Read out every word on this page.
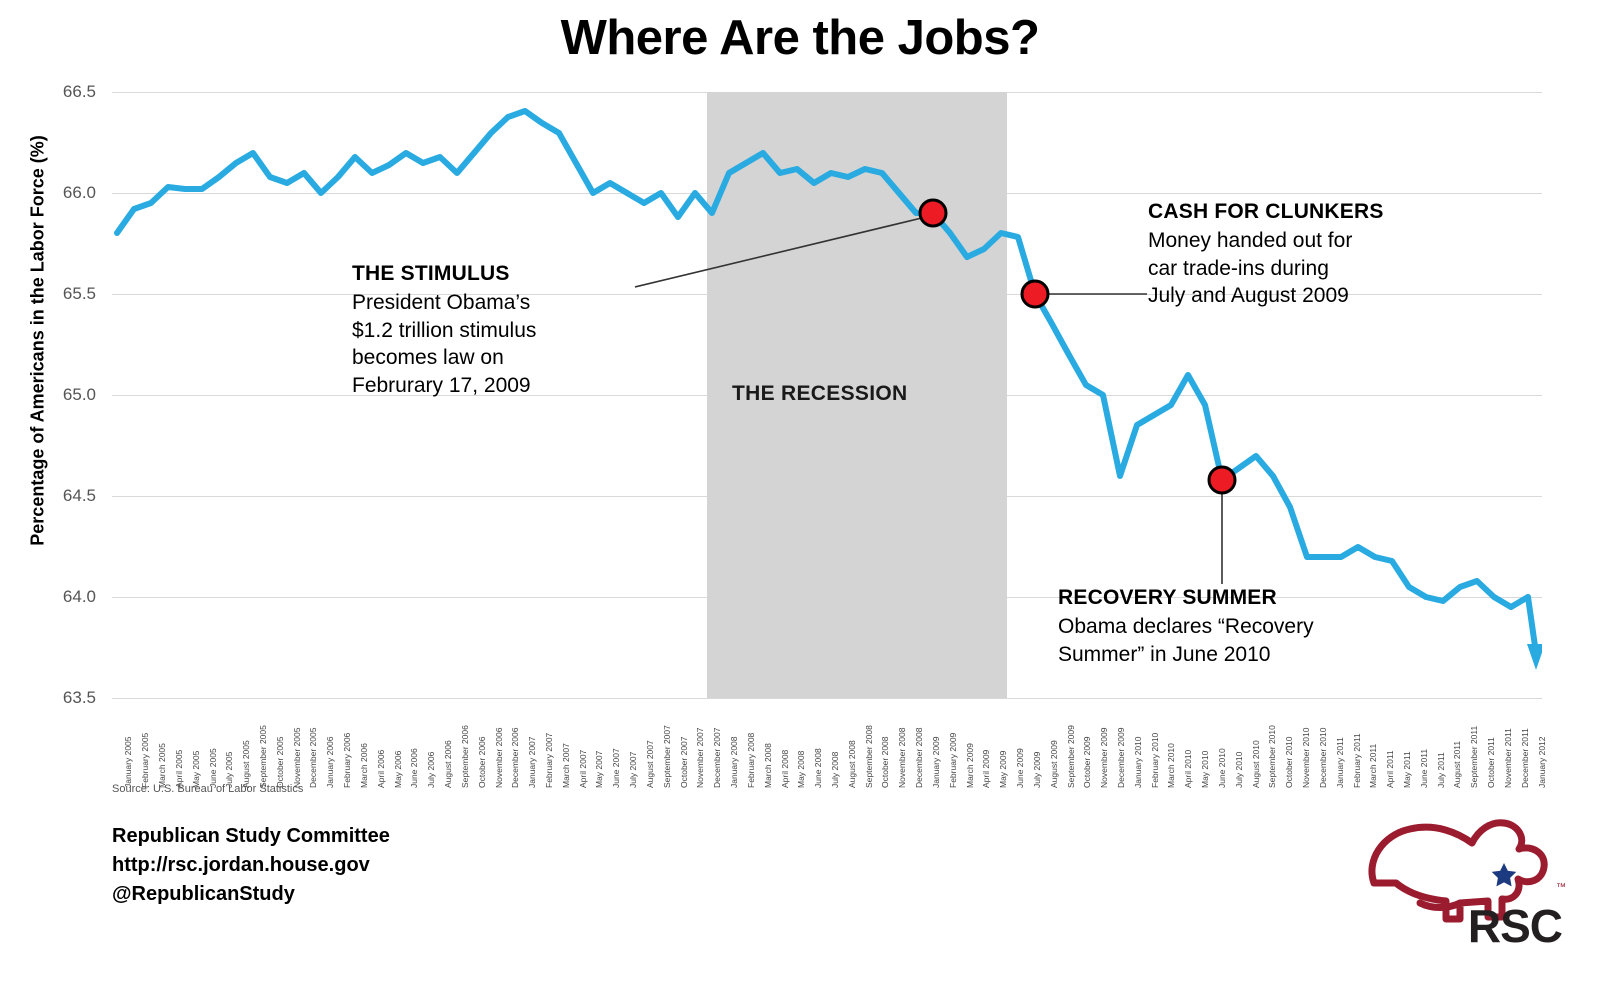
Where Are the Jobs?
Percentage of Americans in the Labor Force (%)	THE RECESSION
66.5
66.0
65.5
65.0
64.5
64.0
63.5
January 2005 February 2005 March 2005 April 2005 May 2005 June 2005 July 2005 August 2005 September 2005 October 2005 November 2005 December 2005 January 2006 February 2006 March 2006 April 2006 May 2006 June 2006 July 2006 August 2006 September 2006 October 2006 November 2006 December 2006 January 2007 February 2007 March 2007 April 2007 May 2007 June 2007 July 2007 August 2007 September 2007 October 2007 November 2007 December 2007 January 2008 February 2008 March 2008 April 2008 May 2008 June 2008 July 2008 August 2008 September 2008 October 2008 November 2008 December 2008 January 2009 February 2009 March 2009 April 2009 May 2009 June 2009 July 2009 August 2009 September 2009 October 2009 November 2009 December 2009 January 2010 February 2010 March 2010 April 2010 May 2010 June 2010 July 2010 August 2010 September 2010 October 2010 November 2010 December 2010 January 2011 February 2011 March 2011 April 2011 May 2011 June 2011 July 2011 August 2011 September 2011 October 2011 November 2011 December 2011 January 2012
Source: U.S. Bureau of Labor Statistics
Republican Study Committee
http://rsc.jordan.house.gov
@RepublicanStudy
THE STIMULUS
President Obama’s
$1.2 trillion stimulus
becomes law on
Februrary 17, 2009
CASH FOR CLUNKERS
Money handed out for
car trade-ins during
July and August 2009
RECOVERY SUMMER
Obama declares “Recovery
Summer” in June 2010
RSC
™
